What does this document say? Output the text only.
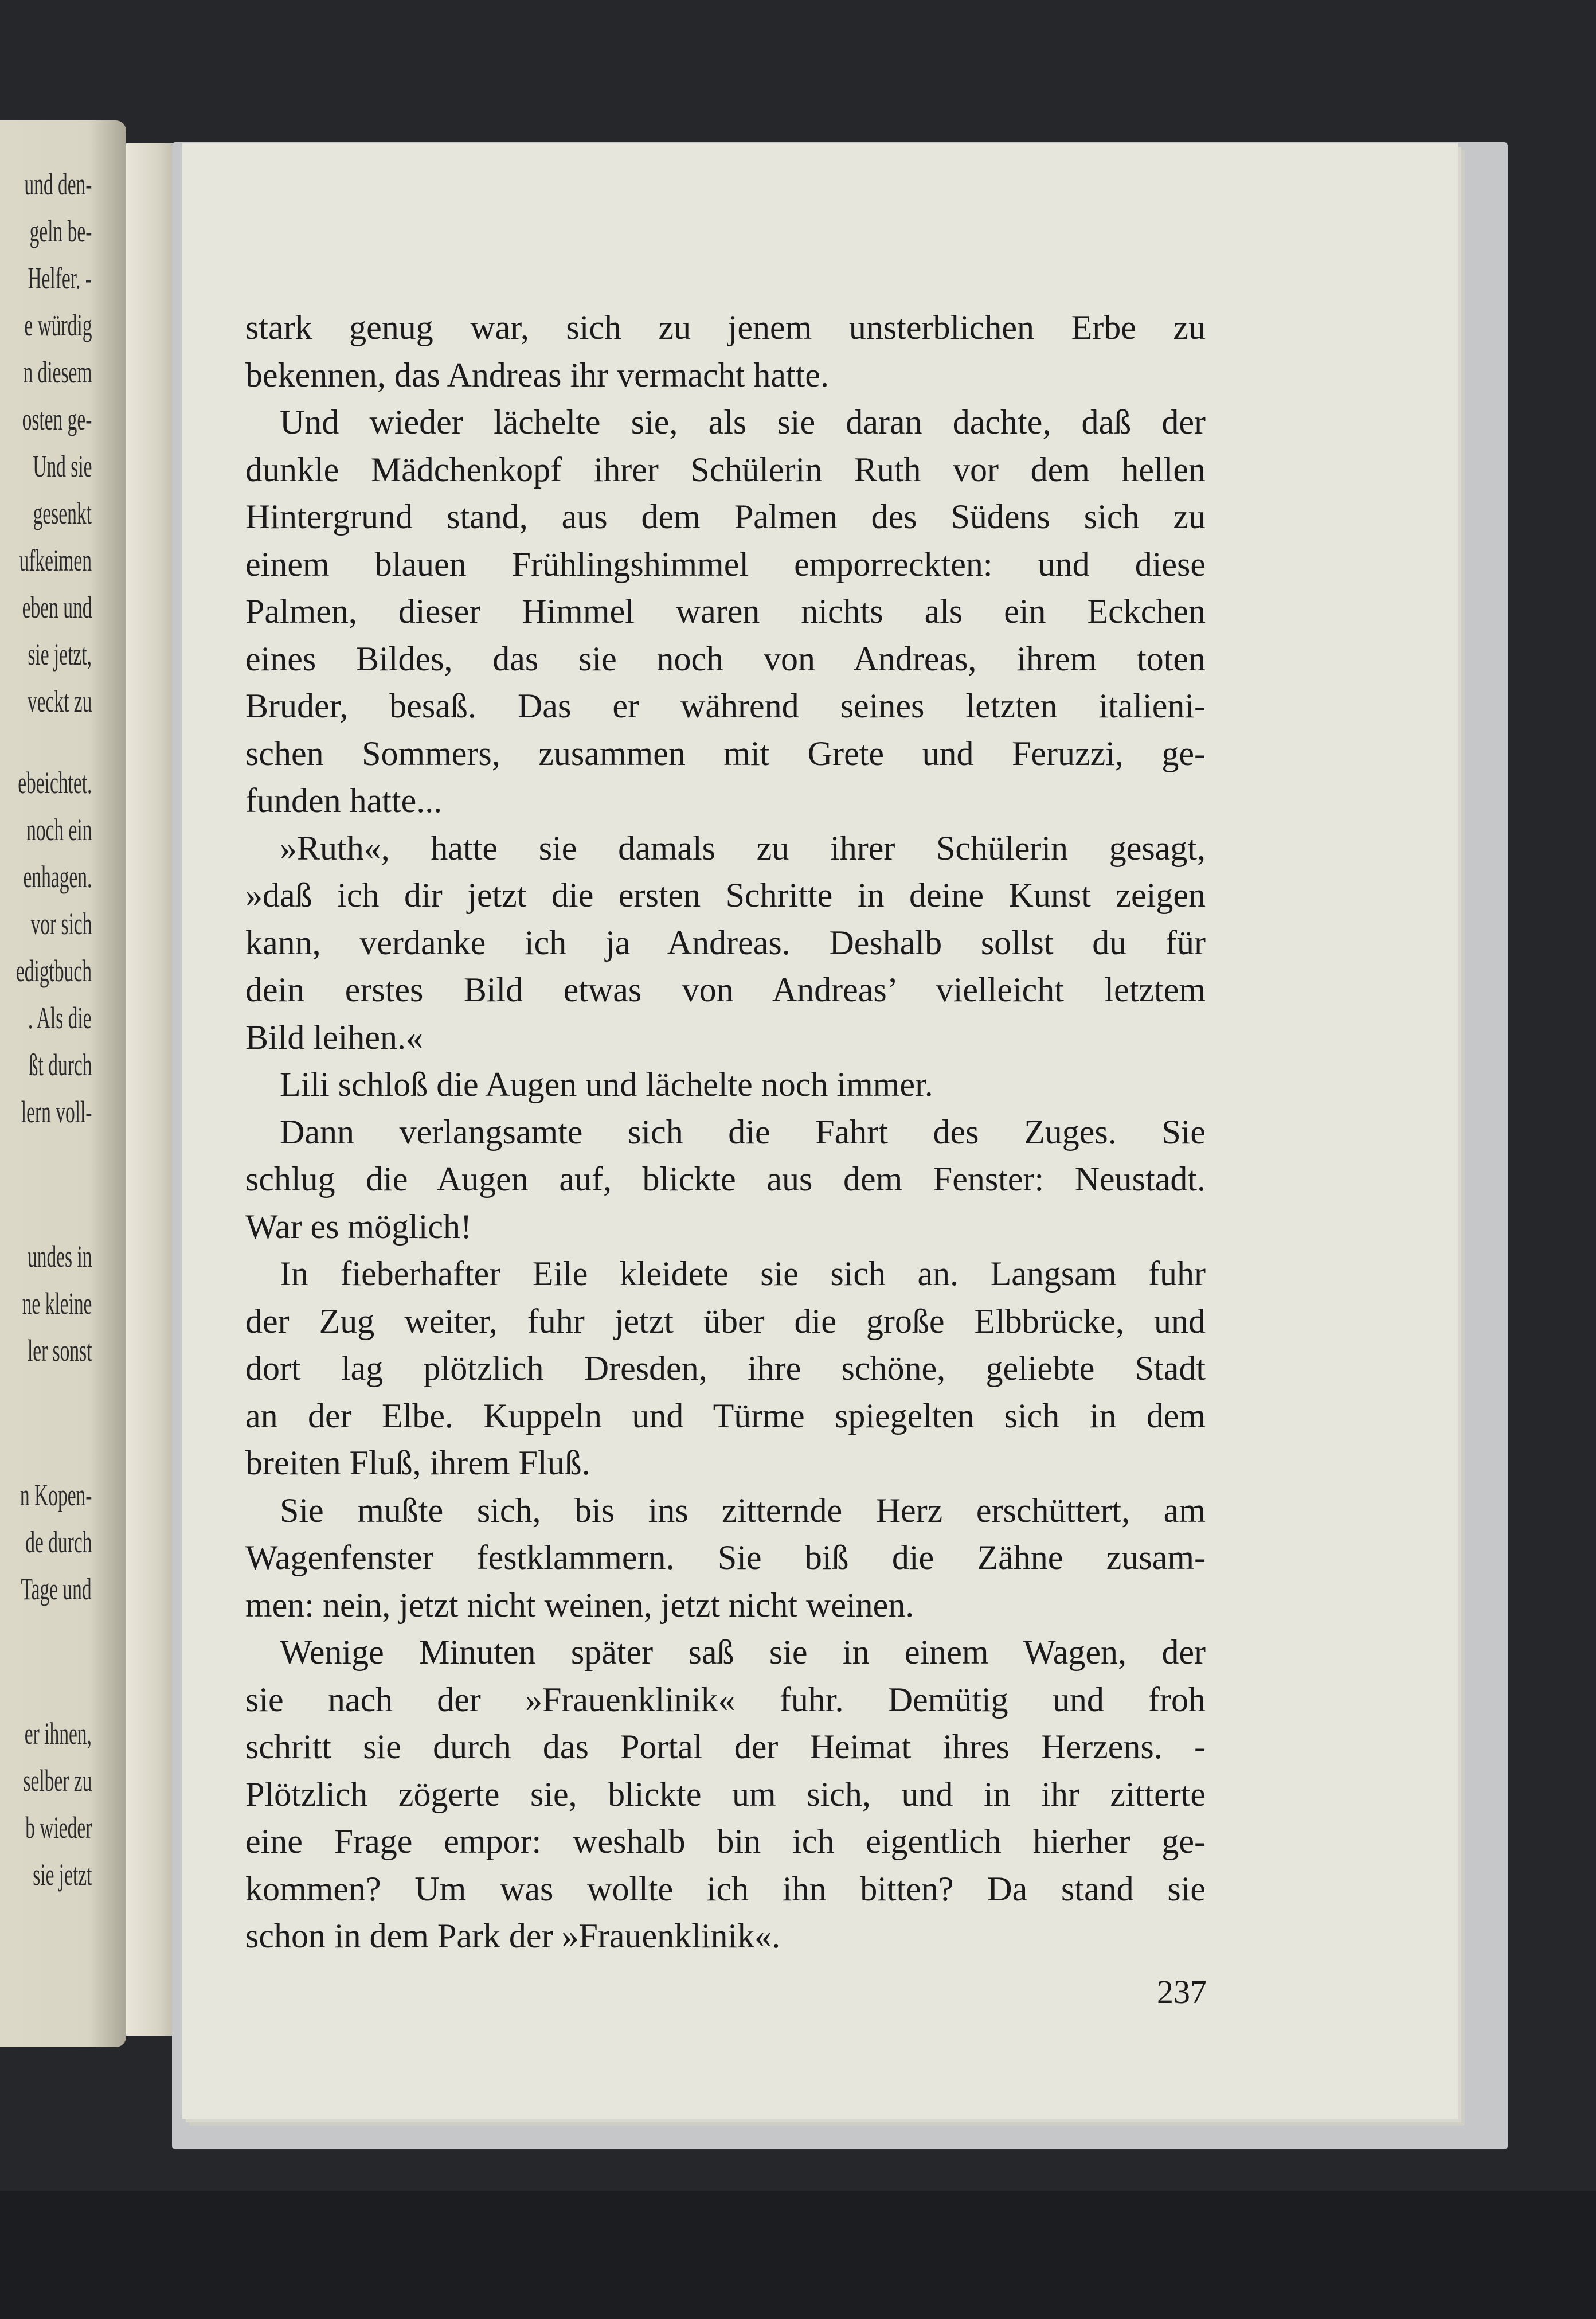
und den-
geln be-
Helfer. -
e würdig
n diesem
osten ge-
Und sie
gesenkt
ufkeimen
eben und
sie jetzt,
veckt zu
ebeichtet.
noch ein
enhagen.
vor sich
edigtbuch
. Als die
ßt durch
lern voll-
undes in
ne kleine
ler sonst
n Kopen-
de durch
Tage und
er ihnen,
selber zu
b wieder
sie jetzt
stark genug war, sich zu jenem unsterblichen Erbe zu
bekennen, das Andreas ihr vermacht hatte.
Und wieder lächelte sie, als sie daran dachte, daß der
dunkle Mädchenkopf ihrer Schülerin Ruth vor dem hellen
Hintergrund stand, aus dem Palmen des Südens sich zu
einem blauen Frühlingshimmel emporreckten: und diese
Palmen, dieser Himmel waren nichts als ein Eckchen
eines Bildes, das sie noch von Andreas, ihrem toten
Bruder, besaß. Das er während seines letzten italieni-
schen Sommers, zusammen mit Grete und Feruzzi, ge-
funden hatte...
»Ruth«, hatte sie damals zu ihrer Schülerin gesagt,
»daß ich dir jetzt die ersten Schritte in deine Kunst zeigen
kann, verdanke ich ja Andreas. Deshalb sollst du für
dein erstes Bild etwas von Andreas’ vielleicht letztem
Bild leihen.«
Lili schloß die Augen und lächelte noch immer.
Dann verlangsamte sich die Fahrt des Zuges. Sie
schlug die Augen auf, blickte aus dem Fenster: Neustadt.
War es möglich!
In fieberhafter Eile kleidete sie sich an. Langsam fuhr
der Zug weiter, fuhr jetzt über die große Elbbrücke, und
dort lag plötzlich Dresden, ihre schöne, geliebte Stadt
an der Elbe. Kuppeln und Türme spiegelten sich in dem
breiten Fluß, ihrem Fluß.
Sie mußte sich, bis ins zitternde Herz erschüttert, am
Wagenfenster festklammern. Sie biß die Zähne zusam-
men: nein, jetzt nicht weinen, jetzt nicht weinen.
Wenige Minuten später saß sie in einem Wagen, der
sie nach der »Frauenklinik« fuhr. Demütig und froh
schritt sie durch das Portal der Heimat ihres Herzens. -
Plötzlich zögerte sie, blickte um sich, und in ihr zitterte
eine Frage empor: weshalb bin ich eigentlich hierher ge-
kommen? Um was wollte ich ihn bitten? Da stand sie
schon in dem Park der »Frauenklinik«.
237
